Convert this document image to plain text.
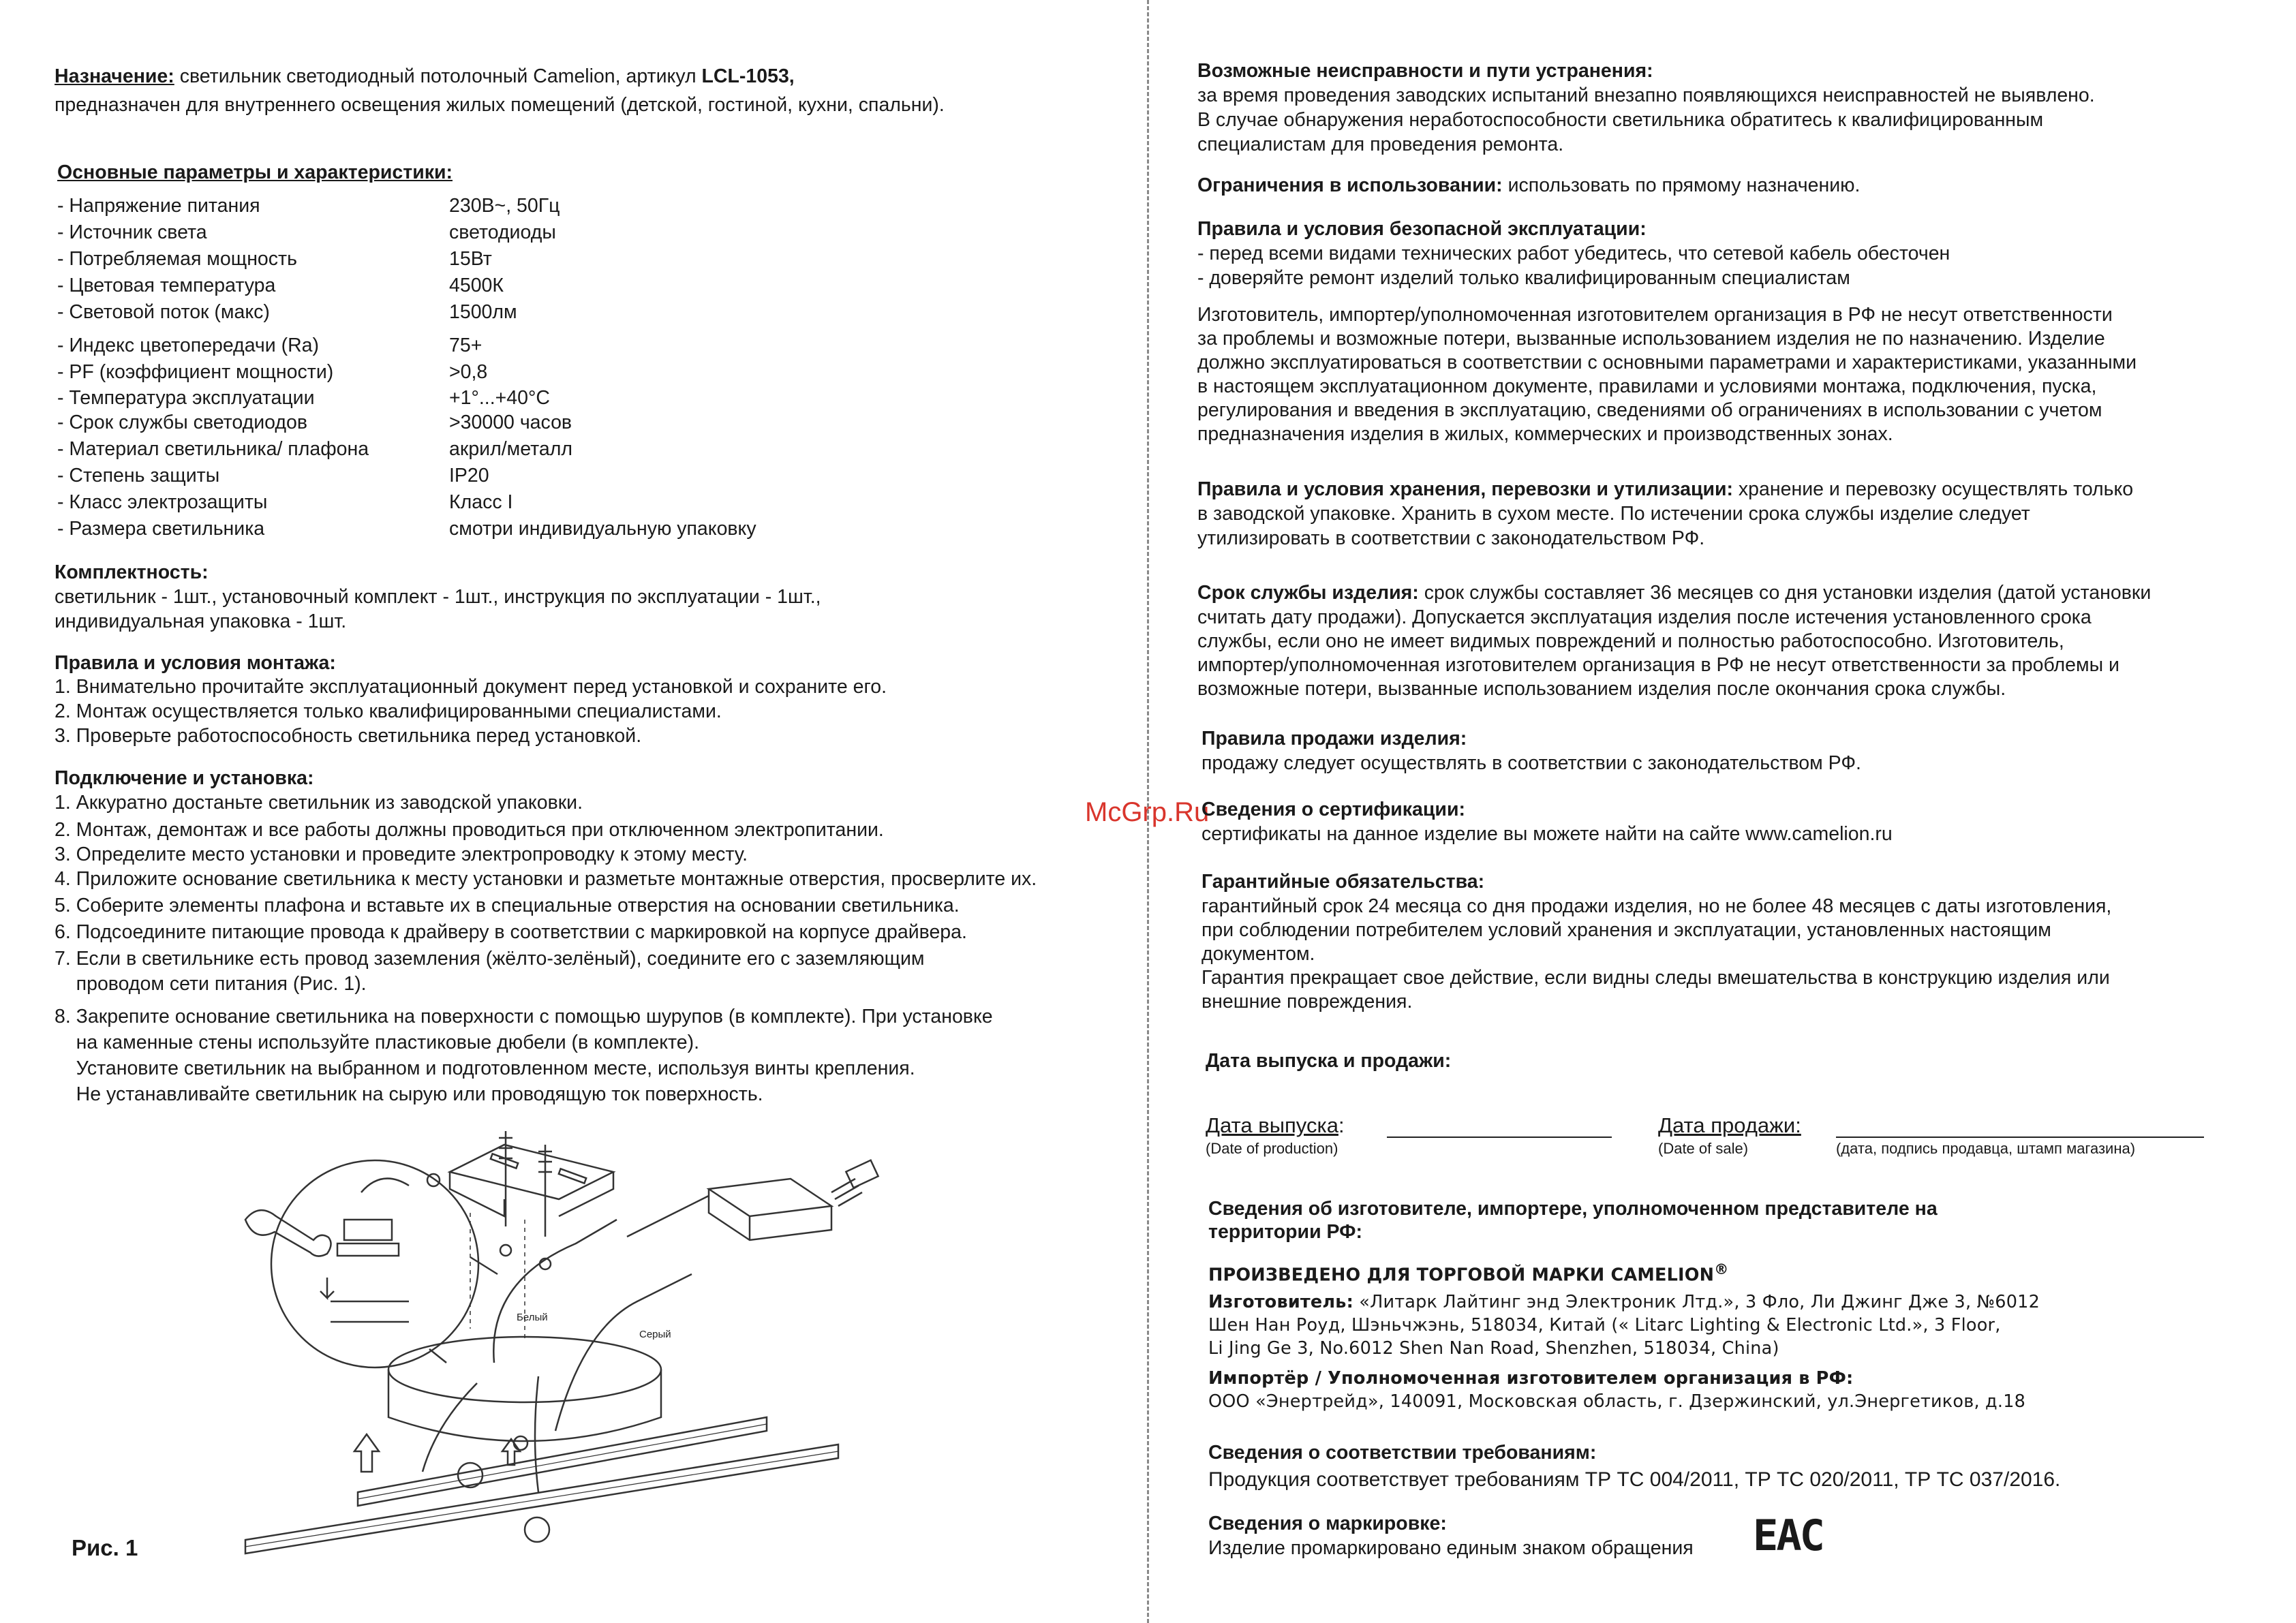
Назначение: светильник светодиодный потолочный Camelion, артикул LCL-1053,
предназначен для внутреннего освещения жилых помещений (детской, гостиной, кухни, спальни).
Основные параметры и характеристики:
- Напряжение питания	230В~, 50Гц
- Источник света	светодиоды
- Потребляемая мощность	15Вт
- Цветовая температура	4500К
- Световой поток (макс)	1500лм
- Индекс цветопередачи (Ra)	75+
- PF (коэффициент мощности)	>0,8
- Температура эксплуатации	+1°...+40°С
- Срок службы светодиодов	>30000 часов
- Материал светильника/ плафона	акрил/металл
- Степень защиты	IP20
- Класс электрозащиты	Класс I
- Размера светильника	смотри индивидуальную упаковку
Комплектность:
светильник - 1шт., установочный комплект - 1шт., инструкция по эксплуатации - 1шт.,
индивидуальная упаковка - 1шт.
Правила и условия монтажа:
1. Внимательно прочитайте эксплуатационный документ перед установкой и сохраните его.
2. Монтаж осуществляется только квалифицированными специалистами.
3. Проверьте работоспособность светильника перед установкой.
Подключение и установка:
1. Аккуратно достаньте светильник из заводской упаковки.
2. Монтаж, демонтаж и все работы должны проводиться при отключенном электропитании.
3. Определите место установки и проведите электропроводку к этому месту.
4. Приложите основание светильника к месту установки и разметьте монтажные отверстия, просверлите их.
5. Соберите элементы плафона и вставьте их в специальные отверстия на основании светильника.
6. Подсоедините питающие провода к драйверу в соответствии с маркировкой на корпусе драйвера.
7. Если в светильнике есть провод заземления (жёлто-зелёный), соедините его с заземляющим
проводом сети питания (Рис. 1).
8. Закрепите основание светильника на поверхности с помощью шурупов (в комплекте). При установке
на каменные стены используйте пластиковые дюбели (в комплекте).
Установите светильник на выбранном и подготовленном месте, используя винты крепления.
Не устанавливайте светильник на сырую или проводящую ток поверхность.
Белый
Серый
Рис. 1
McGrp.Ru
Возможные неисправности и пути устранения:
за время проведения заводских испытаний внезапно появляющихся неисправностей не выявлено.
В случае обнаружения неработоспособности светильника обратитесь к квалифицированным
специалистам для проведения ремонта.
Ограничения в использовании: использовать по прямому назначению.
Правила и условия безопасной эксплуатации:
- перед всеми видами технических работ убедитесь, что сетевой кабель обесточен
- доверяйте ремонт изделий только квалифицированным специалистам
Изготовитель, импортер/уполномоченная изготовителем организация в РФ не несут ответственности
за проблемы и возможные потери, вызванные использованием изделия не по назначению. Изделие
должно эксплуатироваться в соответствии с основными параметрами и характеристиками, указанными
в настоящем эксплуатационном документе, правилами и условиями монтажа, подключения, пуска,
регулирования и введения в эксплуатацию, сведениями об ограничениях в использовании с учетом
предназначения изделия в жилых, коммерческих и производственных зонах.
Правила и условия хранения, перевозки и утилизации: хранение и перевозку осуществлять только
в заводской упаковке. Хранить в сухом месте. По истечении срока службы изделие следует
утилизировать в соответствии с законодательством РФ.
Срок службы изделия: срок службы составляет 36 месяцев со дня установки изделия (датой установки
считать дату продажи). Допускается эксплуатация изделия после истечения установленного срока
службы, если оно не имеет видимых повреждений и полностью работоспособно. Изготовитель,
импортер/уполномоченная изготовителем организация в РФ не несут ответственности за проблемы и
возможные потери, вызванные использованием изделия после окончания срока службы.
Правила продажи изделия:
продажу следует осуществлять в соответствии с законодательством РФ.
Сведения о сертификации:
сертификаты на данное изделие вы можете найти на сайте www.camelion.ru
Гарантийные обязательства:
гарантийный срок 24 месяца со дня продажи изделия, но не более 48 месяцев с даты изготовления,
при соблюдении потребителем условий хранения и эксплуатации, установленных настоящим
документом.
Гарантия прекращает свое действие, если видны следы вмешательства в конструкцию изделия или
внешние повреждения.
Дата выпуска и продажи:
Дата выпуска:
(Date of production)
Дата продажи:
(Date of sale)	(дата, подпись продавца, штамп магазина)
Сведения об изготовителе, импортере, уполномоченном представителе на
территории РФ:
ПРОИЗВЕДЕНО ДЛЯ ТОРГОВОЙ МАРКИ CAMELION®
Изготовитель: «Литарк Лайтинг энд Электроник Лтд.», 3 Фло, Ли Джинг Дже 3, №6012
Шен Нан Роуд, Шэньчжэнь, 518034, Китай (« Litarc Lighting & Electronic Ltd.», 3 Floor,
Li Jing Ge 3, No.6012 Shen Nan Road, Shenzhen, 518034, China)
Импортёр / Уполномоченная изготовителем организация в РФ:
ООО «Энертрейд», 140091, Московская область, г. Дзержинский, ул.Энергетиков, д.18
Сведения о соответствии требованиям:
Продукция соответствует требованиям ТР ТС 004/2011, ТР ТС 020/2011, ТР ТС 037/2016.
Сведения о маркировке:
Изделие промаркировано единым знаком обращения EAC
